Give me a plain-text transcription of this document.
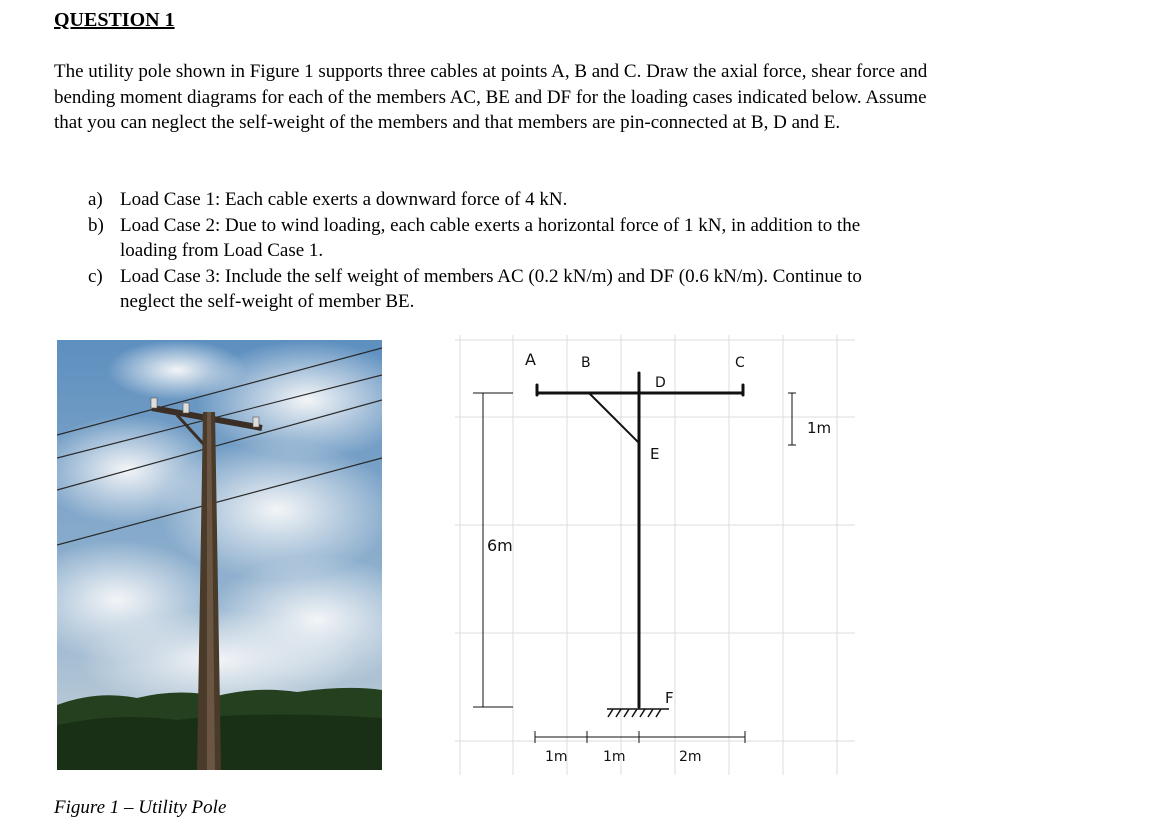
QUESTION 1

The utility pole shown in Figure 1 supports three cables at points A, B and C. Draw the axial force, shear force and bending moment diagrams for each of the members AC, BE and DF for the loading cases indicated below. Assume that you can neglect the self-weight of the members and that members are pin-connected at B, D and E.

a) Load Case 1: Each cable exerts a downward force of 4 kN.
b) Load Case 2: Due to wind loading, each cable exerts a horizontal force of 1 kN, in addition to the loading from Load Case 1.
c) Load Case 3: Include the self weight of members AC (0.2 kN/m) and DF (0.6 kN/m). Continue to neglect the self-weight of member BE.
A	B	C
D
E
F
6m
1m
1m	1m	2m

Figure 1 – Utility Pole
